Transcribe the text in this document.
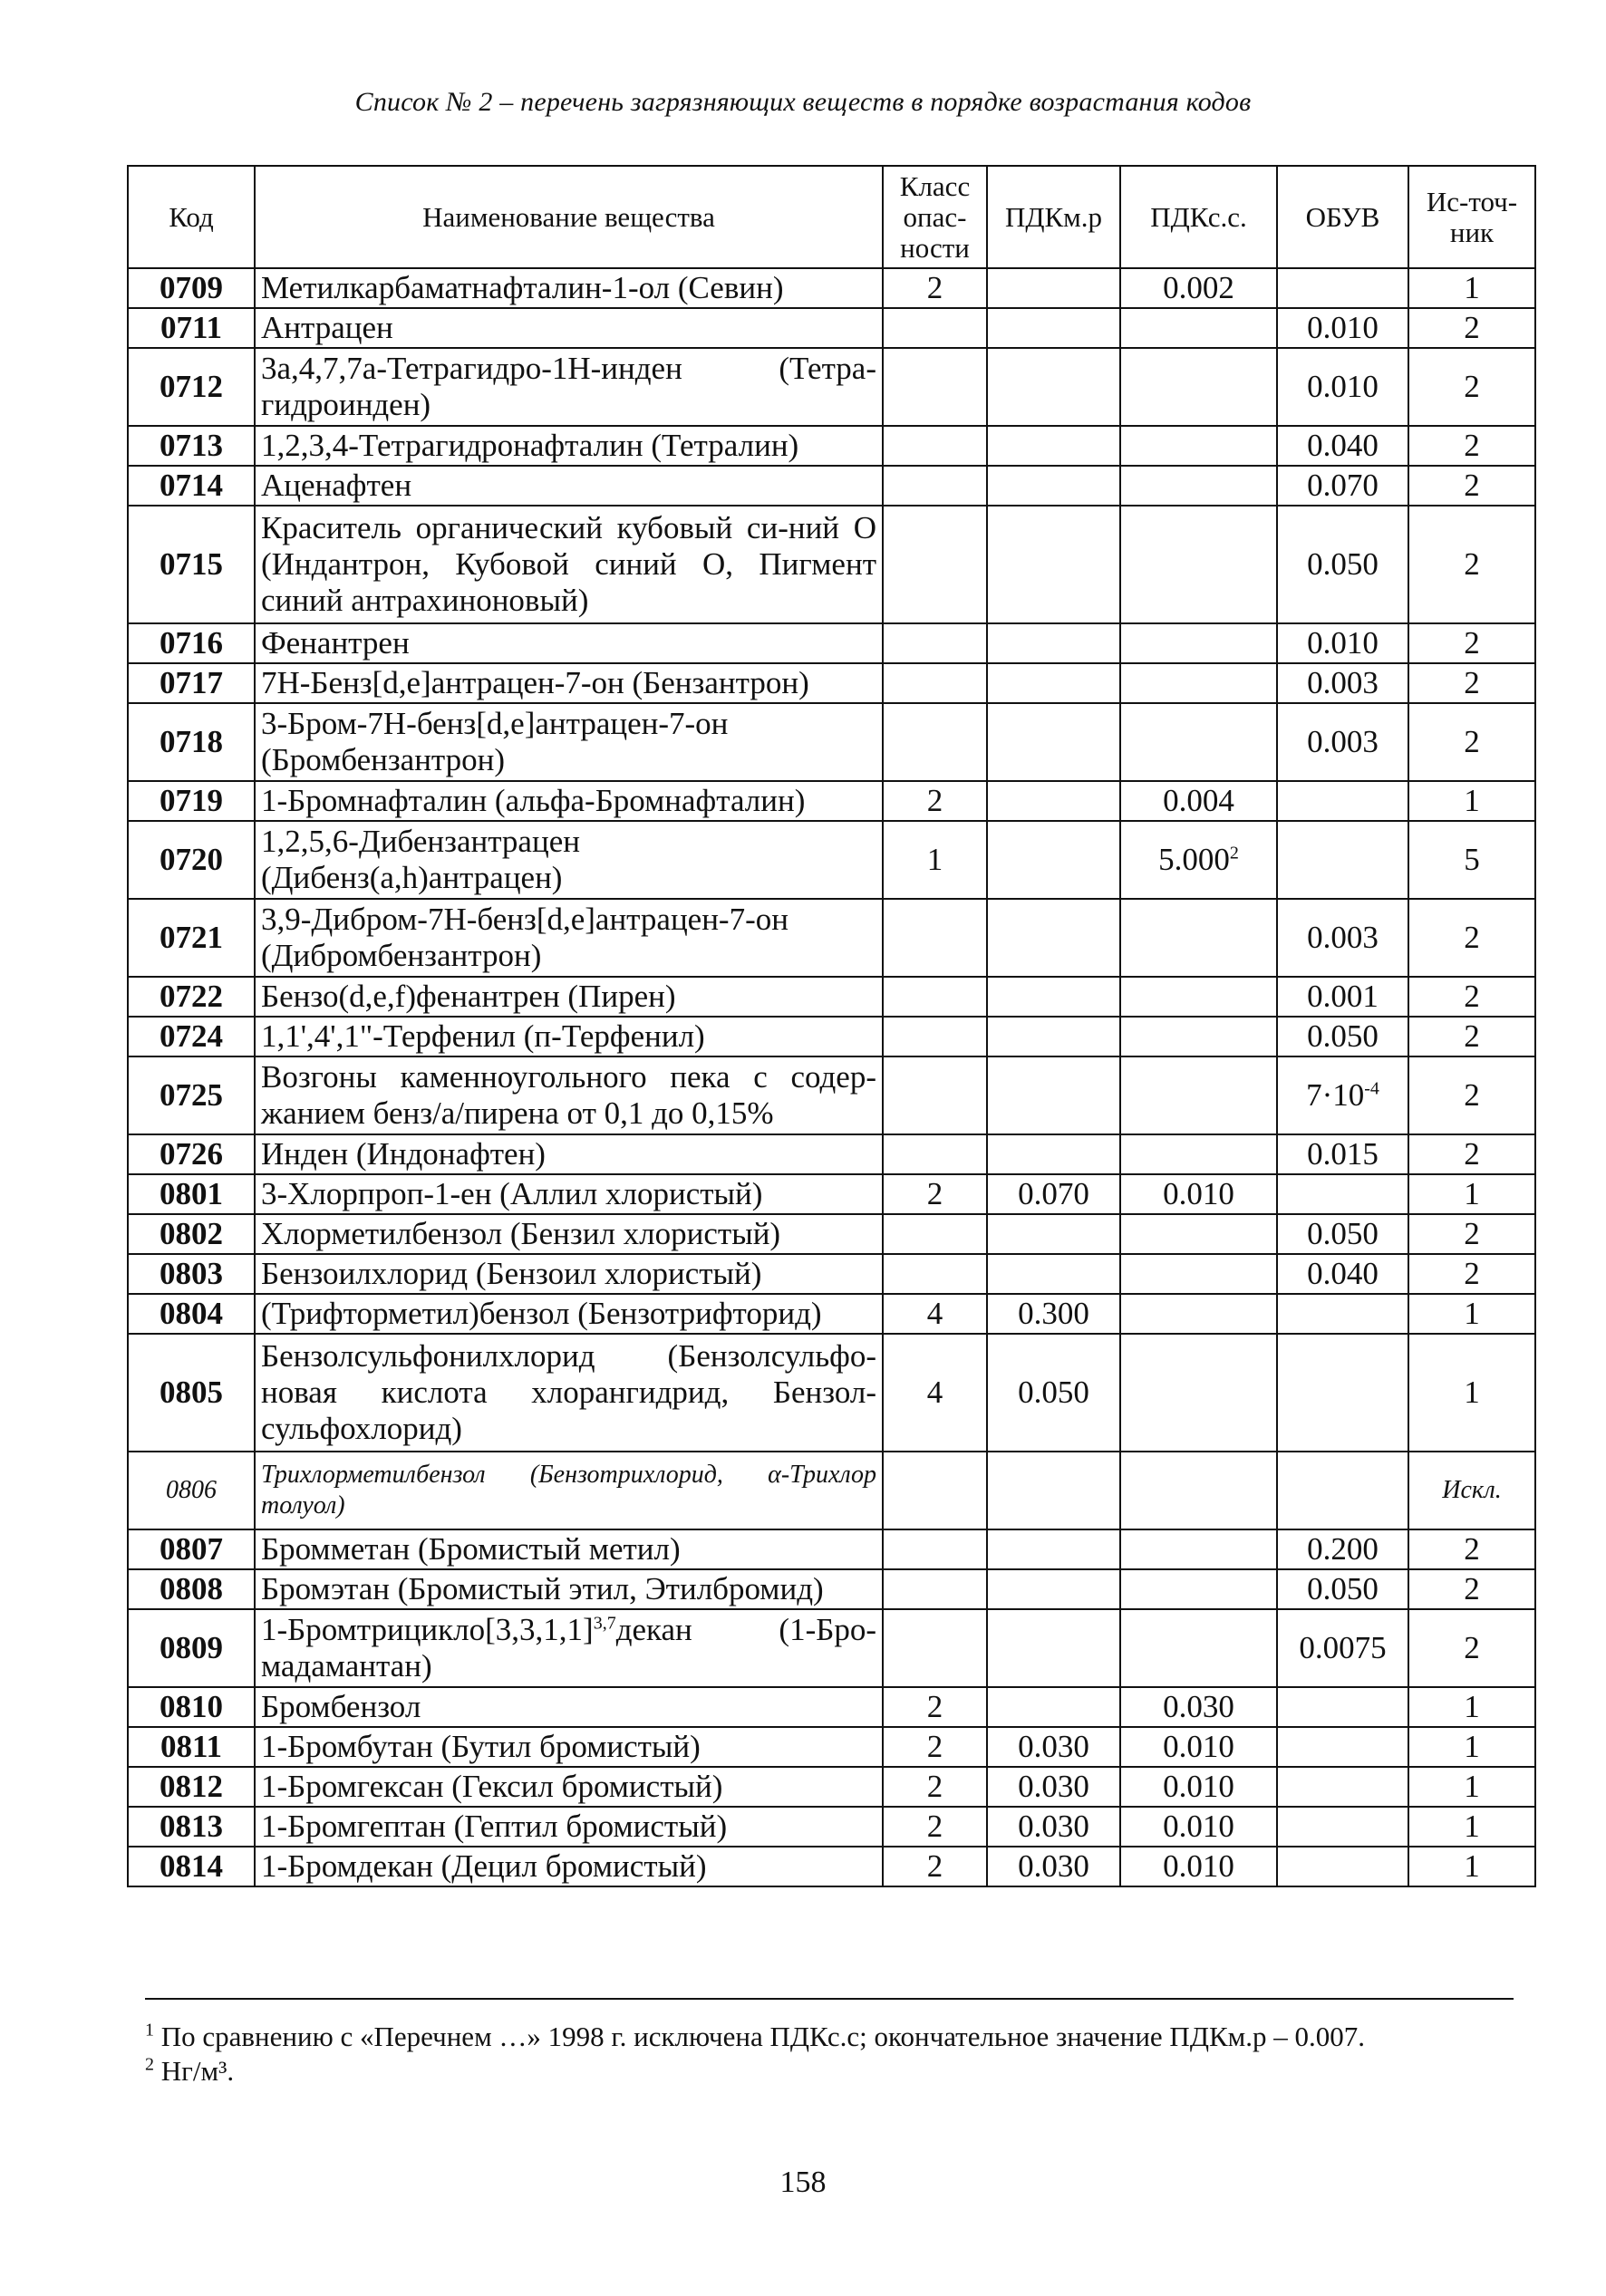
Список № 2 – перечень загрязняющих веществ в порядке возрастания кодов
Код	Наименование вещества	Класс опас-ности	ПДКм.р	ПДКс.с.	ОБУВ	Ис-точ-ник
0709	Метилкарбаматнафталин-1-ол (Севин)	2		0.002		1
0711	Антрацен				0.010	2
0712	3а,4,7,7а-Тетрагидро-1Н-инден (Тетра-гидроинден)				0.010	2
0713	1,2,3,4-Тетрагидронафталин (Тетралин)				0.040	2
0714	Аценафтен				0.070	2
0715	Краситель органический кубовый си-ний О (Индантрон, Кубовой синий О, Пигмент синий антрахиноновый)				0.050	2
0716	Фенантрен				0.010	2
0717	7Н-Бенз[d,e]антрацен-7-он (Бензантрон)				0.003	2
0718	3-Бром-7Н-бенз[d,e]антрацен-7-он (Бромбензантрон)				0.003	2
0719	1-Бромнафталин (альфа-Бромнафталин)	2		0.004		1
0720	1,2,5,6-Дибензантрацен (Дибенз(a,h)антрацен)	1		5.000$^2$		5
0721	3,9-Дибром-7Н-бенз[d,e]антрацен-7-он (Дибромбензантрон)				0.003	2
0722	Бензо(d,e,f)фенантрен (Пирен)				0.001	2
0724	1,1',4',1"-Терфенил (п-Терфенил)				0.050	2
0725	Возгоны каменноугольного пека с содер-жанием бенз/а/пирена от 0,1 до 0,15%				$7\cdot 10^{-4}$	2
0726	Инден (Индонафтен)				0.015	2
0801	3-Хлорпроп-1-ен (Аллил хлористый)	2	0.070	0.010		1
0802	Хлорметилбензол (Бензил хлористый)				0.050	2
0803	Бензоилхлорид (Бензоил хлористый)				0.040	2
0804	(Трифторметил)бензол (Бензотрифторид)	4	0.300			1
0805	Бензолсульфонилхлорид (Бензолсульфо-новая кислота хлорангидрид, Бензол-сульфохлорид)	4	0.050			1
0806	Трихлорметилбензол (Бензотрихлорид, α-Трихлор толуол)					Искл.
0807	Бромметан (Бромистый метил)				0.200	2
0808	Бромэтан (Бромистый этил, Этилбромид)				0.050	2
0809	$1-Бромтрицикло[3,3,1,1]^{3,7}декан$ (1-Бро-мадамантан)				0.0075	2
0810	Бромбензол	2		0.030		1
0811	1-Бромбутан (Бутил бромистый)	2	0.030	0.010		1
0812	1-Бромгексан (Гексил бромистый)	2	0.030	0.010		1
0813	1-Бромгептан (Гептил бромистый)	2	0.030	0.010		1
0814	1-Бромдекан (Децил бромистый)	2	0.030	0.010		1
$^1$ По сравнению с «Перечнем …» 1998 г. исключена ПДКс.с; окончательное значение ПДКм.р – 0.007.
$^2$ Нг/м³.
158
